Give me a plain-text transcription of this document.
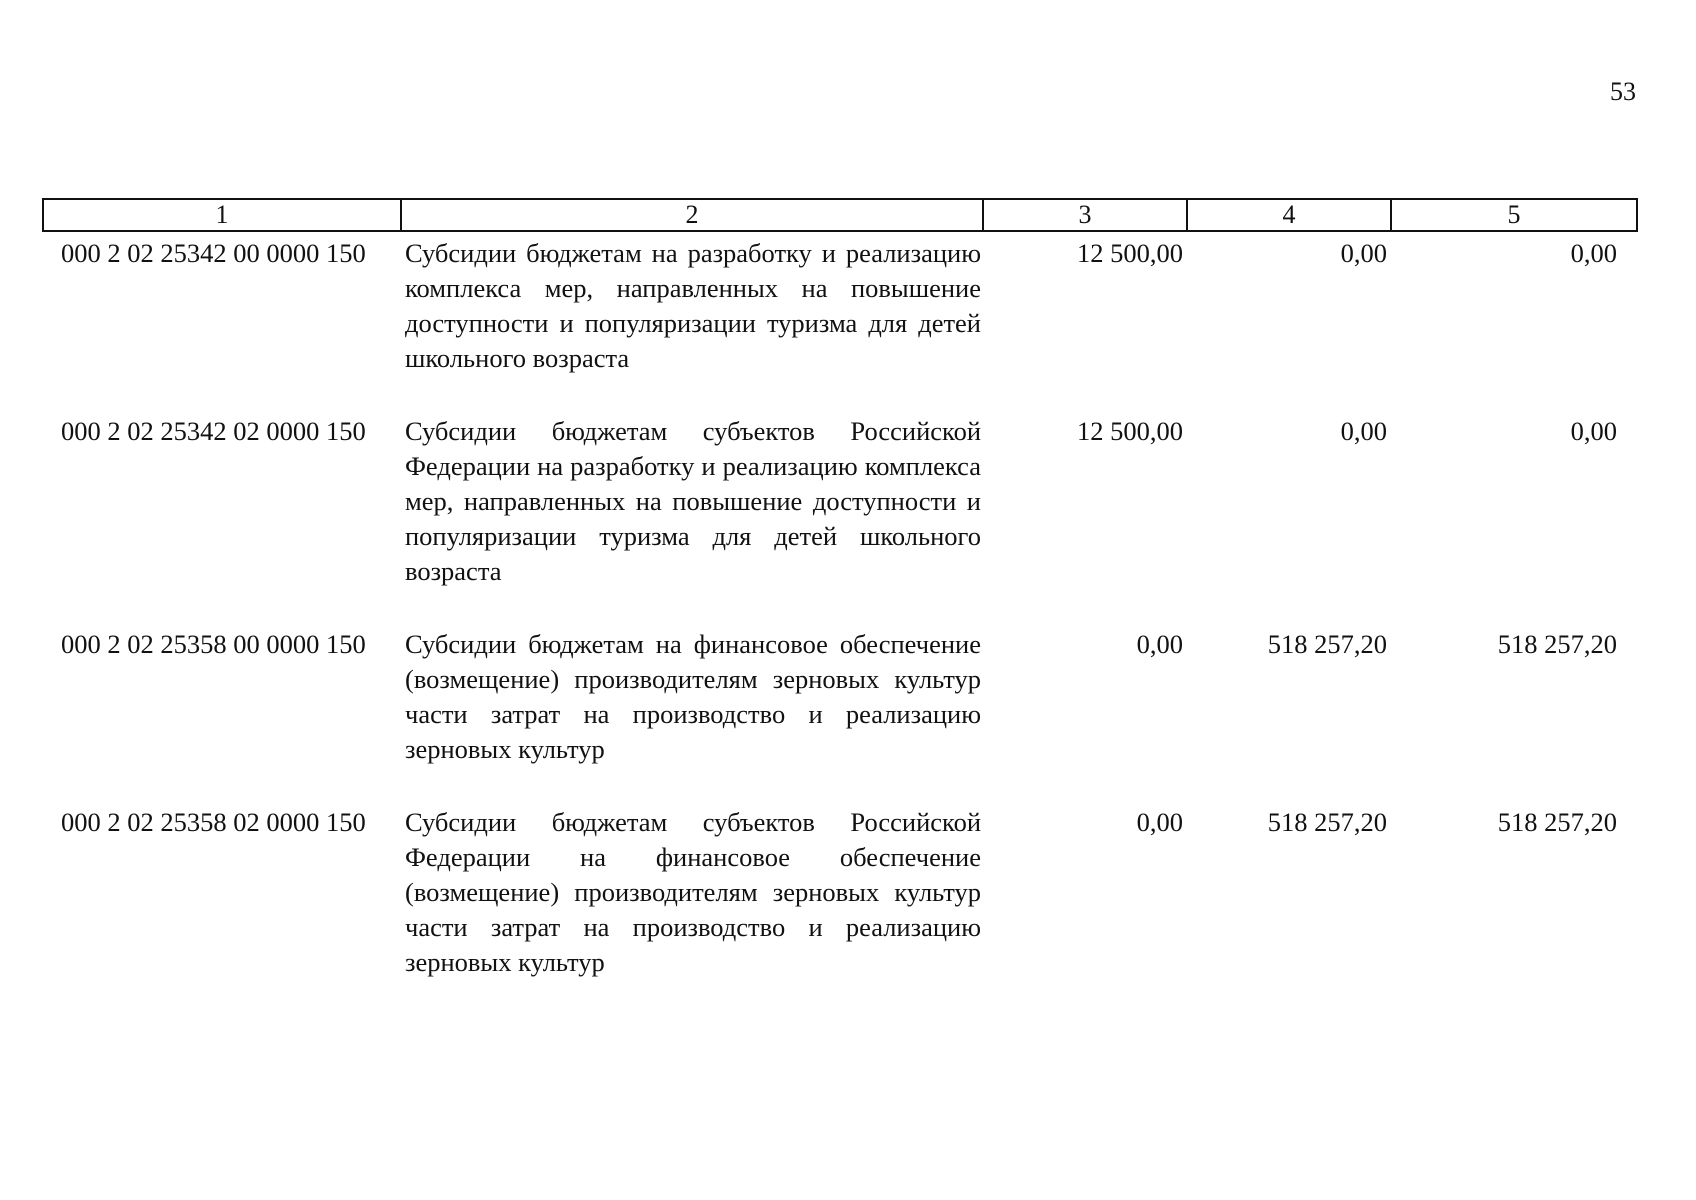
53
1	2	3	4	5
000 2 02 25342 00 0000 150	Субсидии бюджетам на разработку и реализацию комплекса мер, направленных на повышение доступности и популяризации туризма для детей школьного возраста	12 500,00	0,00	0,00
000 2 02 25342 02 0000 150	Субсидии бюджетам субъектов Российской Федерации на разработку и реализацию комплекса мер, направленных на повышение доступности и популяризации туризма для детей школьного возраста	12 500,00	0,00	0,00
000 2 02 25358 00 0000 150	Субсидии бюджетам на финансовое обеспечение (возмещение) производителям зерновых культур части затрат на производство и реализацию зерновых культур	0,00	518 257,20	518 257,20
000 2 02 25358 02 0000 150	Субсидии бюджетам субъектов Российской Федерации на финансовое обеспечение (возмещение) производителям зерновых культур части затрат на производство и реализацию зерновых культур	0,00	518 257,20	518 257,20
